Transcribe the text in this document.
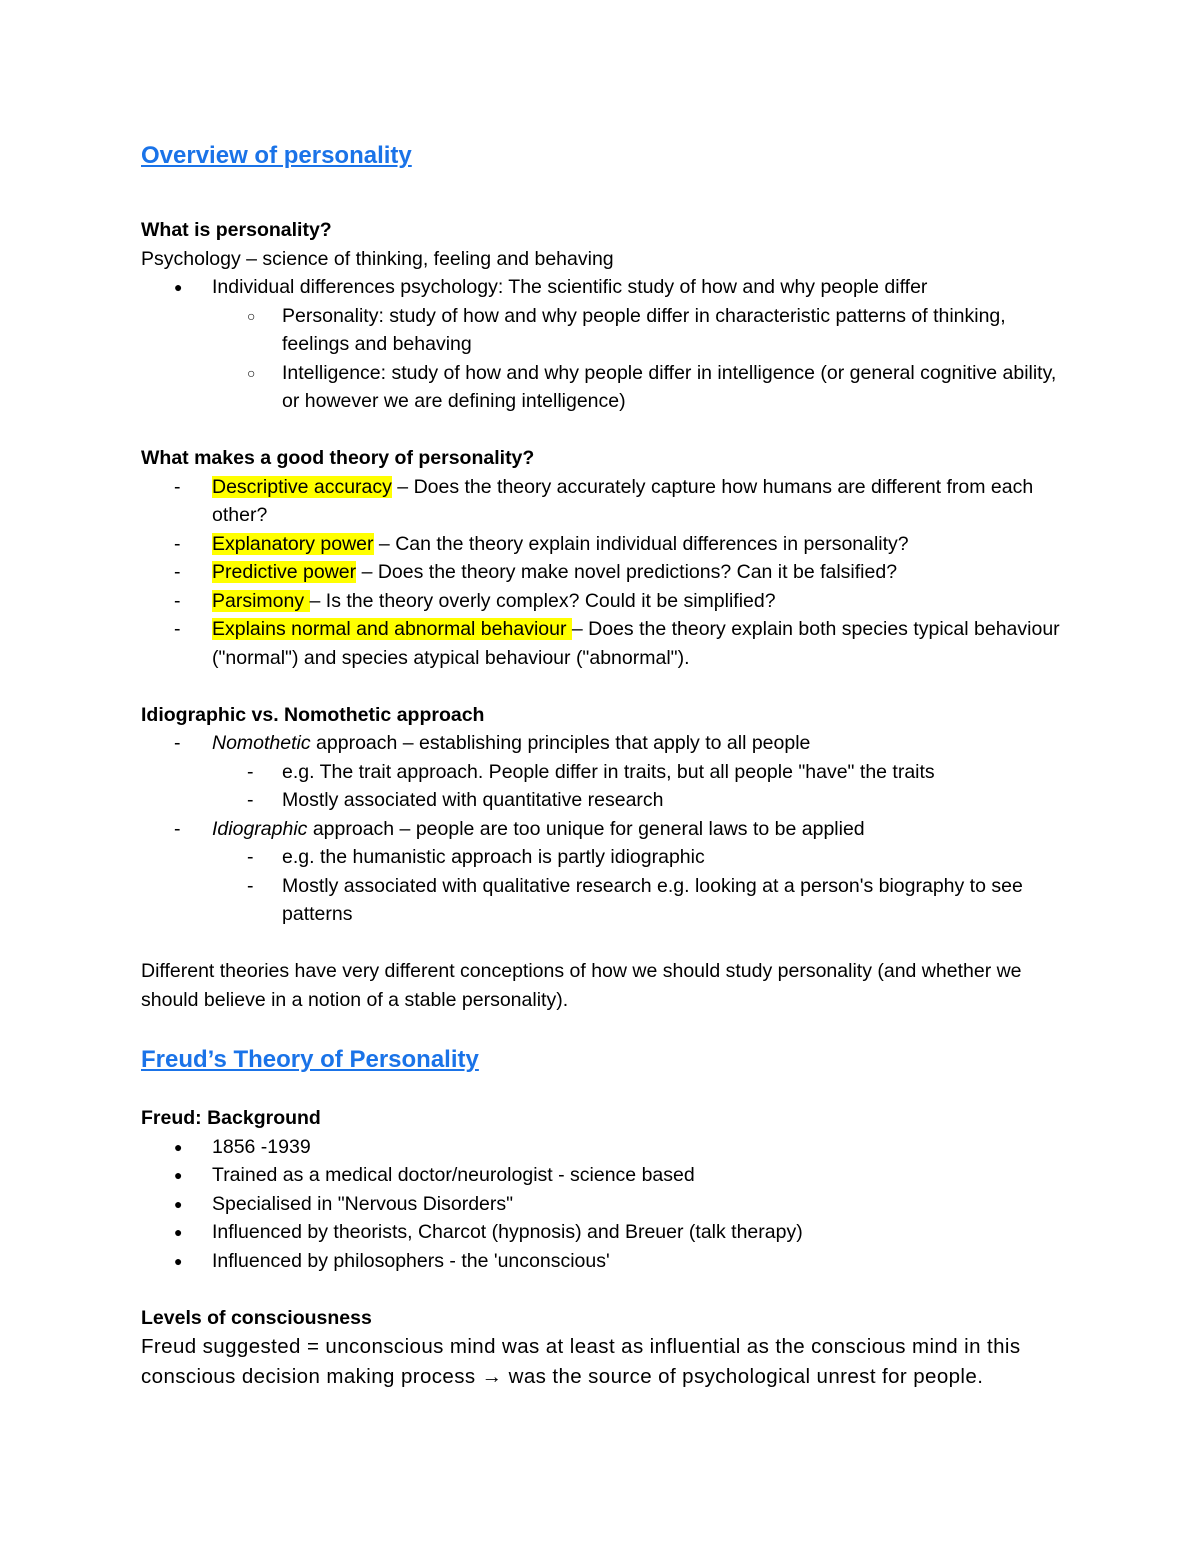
Overview of personality
What is personality?
Psychology – science of thinking, feeling and behaving
● Individual differences psychology: The scientific study of how and why people differ
○ Personality: study of how and why people differ in characteristic patterns of thinking, feelings and behaving
○ Intelligence: study of how and why people differ in intelligence (or general cognitive ability, or however we are defining intelligence)
What makes a good theory of personality?
- Descriptive accuracy – Does the theory accurately capture how humans are different from each other?
- Explanatory power – Can the theory explain individual differences in personality?
- Predictive power – Does the theory make novel predictions? Can it be falsified?
- Parsimony – Is the theory overly complex? Could it be simplified?
- Explains normal and abnormal behaviour – Does the theory explain both species typical behaviour ("normal") and species atypical behaviour ("abnormal").
Idiographic vs. Nomothetic approach
- Nomothetic approach – establishing principles that apply to all people
- e.g. The trait approach. People differ in traits, but all people "have" the traits
- Mostly associated with quantitative research
- Idiographic approach – people are too unique for general laws to be applied
- e.g. the humanistic approach is partly idiographic
- Mostly associated with qualitative research e.g. looking at a person's biography to see patterns
Different theories have very different conceptions of how we should study personality (and whether we should believe in a notion of a stable personality).
Freud’s Theory of Personality
Freud: Background
● 1856 -1939
● Trained as a medical doctor/neurologist - science based
● Specialised in "Nervous Disorders"
● Influenced by theorists, Charcot (hypnosis) and Breuer (talk therapy)
● Influenced by philosophers - the 'unconscious'
Levels of consciousness
Freud suggested = unconscious mind was at least as influential as the conscious mind in this conscious decision making process → was the source of psychological unrest for people.
